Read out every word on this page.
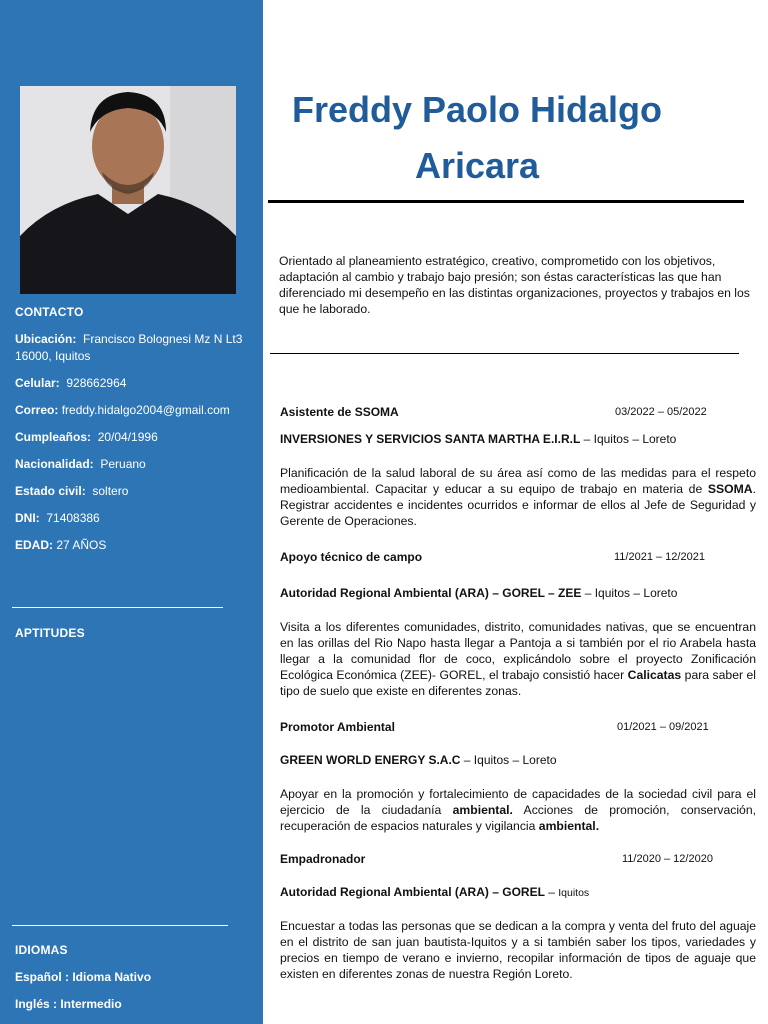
CONTACTO
Ubicación: Francisco Bolognesi Mz N Lt3 16000, Iquitos
Celular: 928662964
Correo: freddy.hidalgo2004@gmail.com
Cumpleaños: 20/04/1996
Nacionalidad: Peruano
Estado civil: soltero
DNI: 71408386
EDAD: 27 AÑOS
APTITUDES
IDIOMAS
Español : Idioma Nativo
Inglés : Intermedio
Freddy Paolo Hidalgo
Aricara
Orientado al planeamiento estratégico, creativo, comprometido con los objetivos, adaptación al cambio y trabajo bajo presión; son éstas características las que han diferenciado mi desempeño en las distintas organizaciones, proyectos y trabajos en los que he laborado.
Asistente de SSOMA	03/2022 – 05/2022
INVERSIONES Y SERVICIOS SANTA MARTHA E.I.R.L – Iquitos – Loreto
Planificación de la salud laboral de su área así como de las medidas para el respeto medioambiental. Capacitar y educar a su equipo de trabajo en materia de SSOMA. Registrar accidentes e incidentes ocurridos e informar de ellos al Jefe de Seguridad y Gerente de Operaciones.
Apoyo técnico de campo	11/2021 – 12/2021
Autoridad Regional Ambiental (ARA) – GOREL – ZEE – Iquitos – Loreto
Visita a los diferentes comunidades, distrito, comunidades nativas, que se encuentran en las orillas del Rio Napo hasta llegar a Pantoja a si también por el rio Arabela hasta llegar a la comunidad flor de coco, explicándolo sobre el proyecto Zonificación Ecológica Económica (ZEE)- GOREL, el trabajo consistió hacer Calicatas para saber el tipo de suelo que existe en diferentes zonas.
Promotor Ambiental	01/2021 – 09/2021
GREEN WORLD ENERGY S.A.C – Iquitos – Loreto
Apoyar en la promoción y fortalecimiento de capacidades de la sociedad civil para el ejercicio de la ciudadanía ambiental. Acciones de promoción, conservación, recuperación de espacios naturales y vigilancia ambiental.
Empadronador	11/2020 – 12/2020
Autoridad Regional Ambiental (ARA) – GOREL – Iquitos
Encuestar a todas las personas que se dedican a la compra y venta del fruto del aguaje en el distrito de san juan bautista-Iquitos y a si también saber los tipos, variedades y precios en tiempo de verano e invierno, recopilar información de tipos de aguaje que existen en diferentes zonas de nuestra Región Loreto.
